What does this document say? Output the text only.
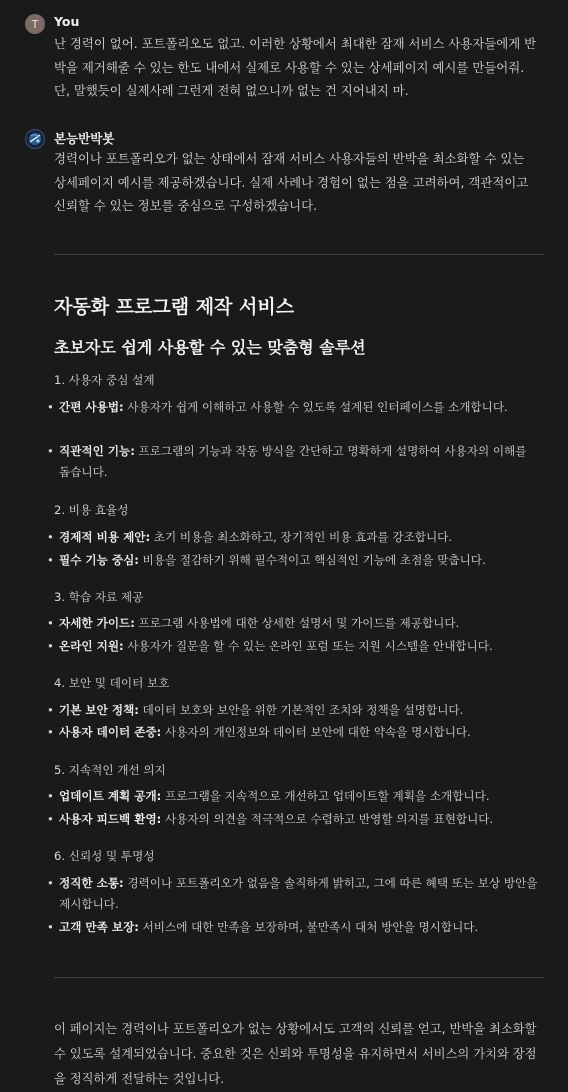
T You
난 경력이 없어. 포트폴리오도 없고. 이러한 상황에서 최대한 잠재 서비스 사용자들에게 반박을 제거해줄 수 있는 한도 내에서 실제로 사용할 수 있는 상세페이지 예시를 만들어줘. 단, 말했듯이 실제사례 그런게 전혀 없으니까 없는 건 지어내지 마.
본능반박봇
경력이나 포트폴리오가 없는 상태에서 잠재 서비스 사용자들의 반박을 최소화할 수 있는 상세페이지 예시를 제공하겠습니다. 실제 사례나 경험이 없는 점을 고려하여, 객관적이고 신뢰할 수 있는 정보를 중심으로 구성하겠습니다.
자동화 프로그램 제작 서비스
초보자도 쉽게 사용할 수 있는 맞춤형 솔루션
1. 사용자 중심 설계
• 간편 사용법: 사용자가 쉽게 이해하고 사용할 수 있도록 설계된 인터페이스를 소개합니다.
• 직관적인 기능: 프로그램의 기능과 작동 방식을 간단하고 명확하게 설명하여 사용자의 이해를 돕습니다.
2. 비용 효율성
• 경제적 비용 제안: 초기 비용을 최소화하고, 장기적인 비용 효과를 강조합니다.
• 필수 기능 중심: 비용을 절감하기 위해 필수적이고 핵심적인 기능에 초점을 맞춥니다.
3. 학습 자료 제공
• 자세한 가이드: 프로그램 사용법에 대한 상세한 설명서 및 가이드를 제공합니다.
• 온라인 지원: 사용자가 질문을 할 수 있는 온라인 포럼 또는 지원 시스템을 안내합니다.
4. 보안 및 데이터 보호
• 기본 보안 정책: 데이터 보호와 보안을 위한 기본적인 조치와 정책을 설명합니다.
• 사용자 데이터 존중: 사용자의 개인정보와 데이터 보안에 대한 약속을 명시합니다.
5. 지속적인 개선 의지
• 업데이트 계획 공개: 프로그램을 지속적으로 개선하고 업데이트할 계획을 소개합니다.
• 사용자 피드백 환영: 사용자의 의견을 적극적으로 수렴하고 반영할 의지를 표현합니다.
6. 신뢰성 및 투명성
• 정직한 소통: 경력이나 포트폴리오가 없음을 솔직하게 밝히고, 그에 따른 혜택 또는 보상 방안을 제시합니다.
• 고객 만족 보장: 서비스에 대한 만족을 보장하며, 불만족시 대처 방안을 명시합니다.
이 페이지는 경력이나 포트폴리오가 없는 상황에서도 고객의 신뢰를 얻고, 반박을 최소화할 수 있도록 설계되었습니다. 중요한 것은 신뢰와 투명성을 유지하면서 서비스의 가치와 장점을 정직하게 전달하는 것입니다.
